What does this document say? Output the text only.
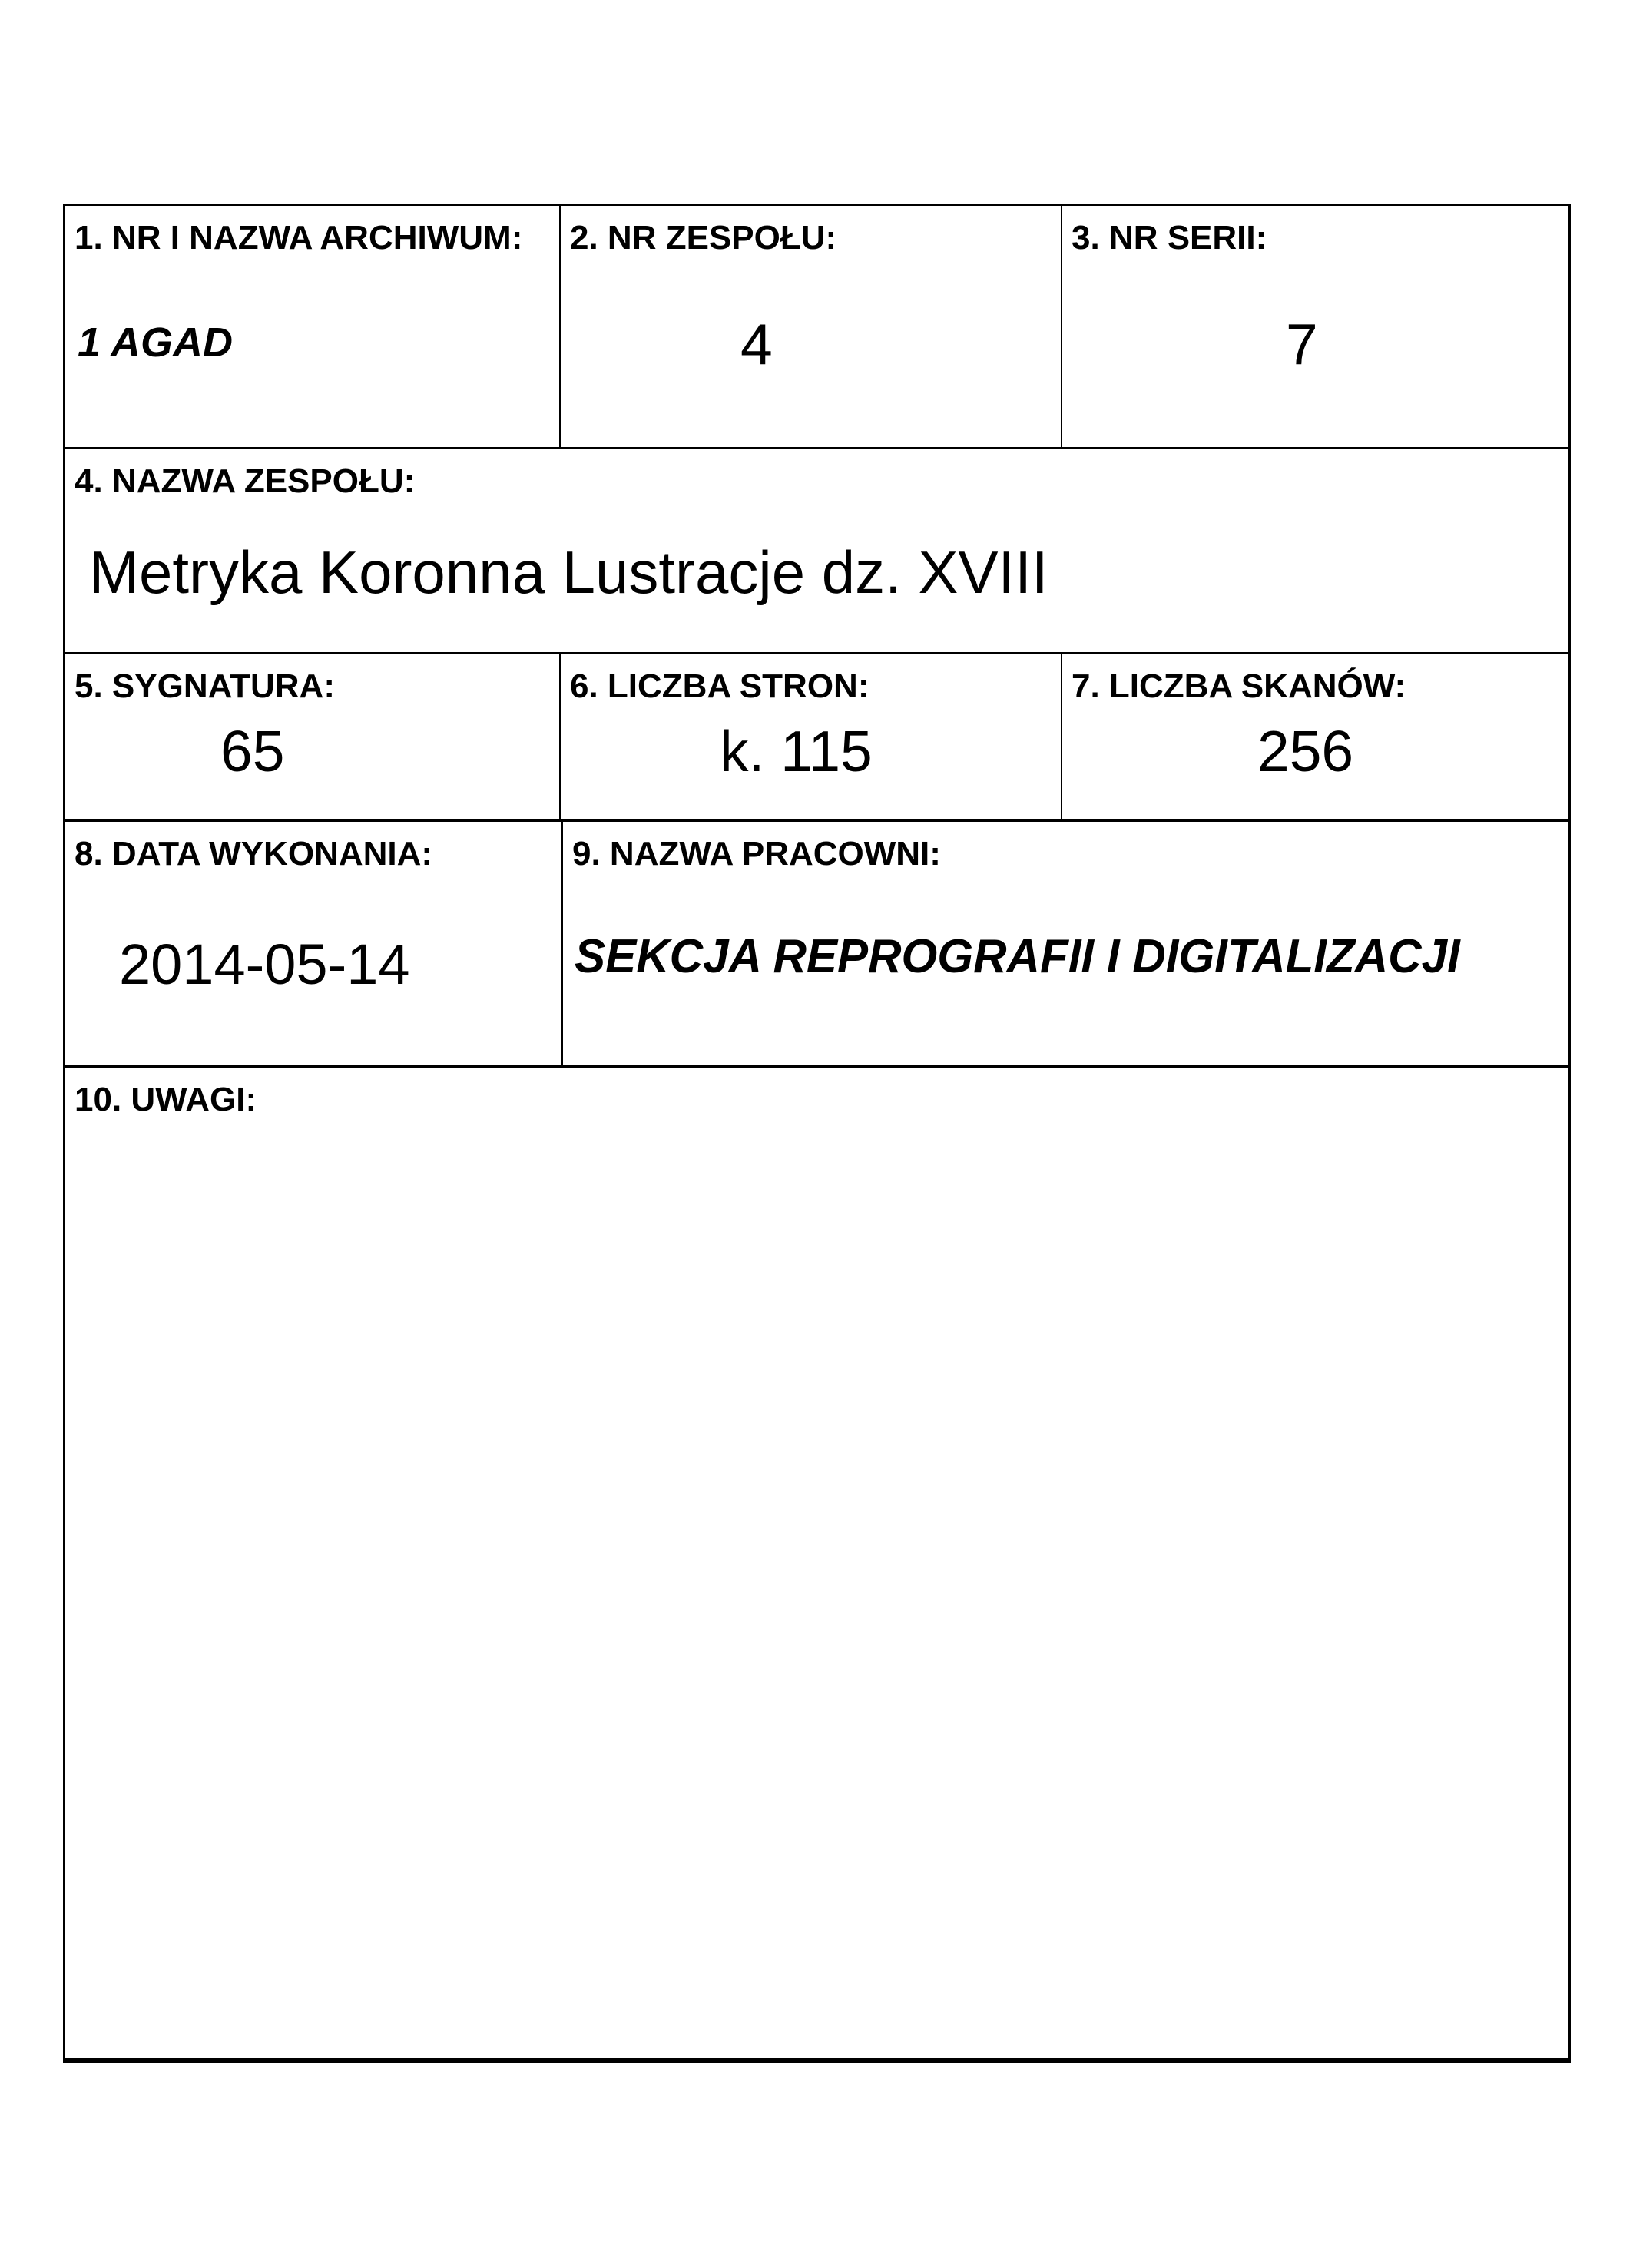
1. NR I NAZWA ARCHIWUM:
1 AGAD
2. NR ZESPOŁU:
4
3. NR SERII:
7
4. NAZWA ZESPOŁU:
Metryka Koronna Lustracje dz. XVIII
5. SYGNATURA:
65
6. LICZBA STRON:
k. 115
7. LICZBA SKANÓW:
256
8. DATA WYKONANIA:
2014-05-14
9. NAZWA PRACOWNI:
SEKCJA REPROGRAFII I DIGITALIZACJI
10. UWAGI:
